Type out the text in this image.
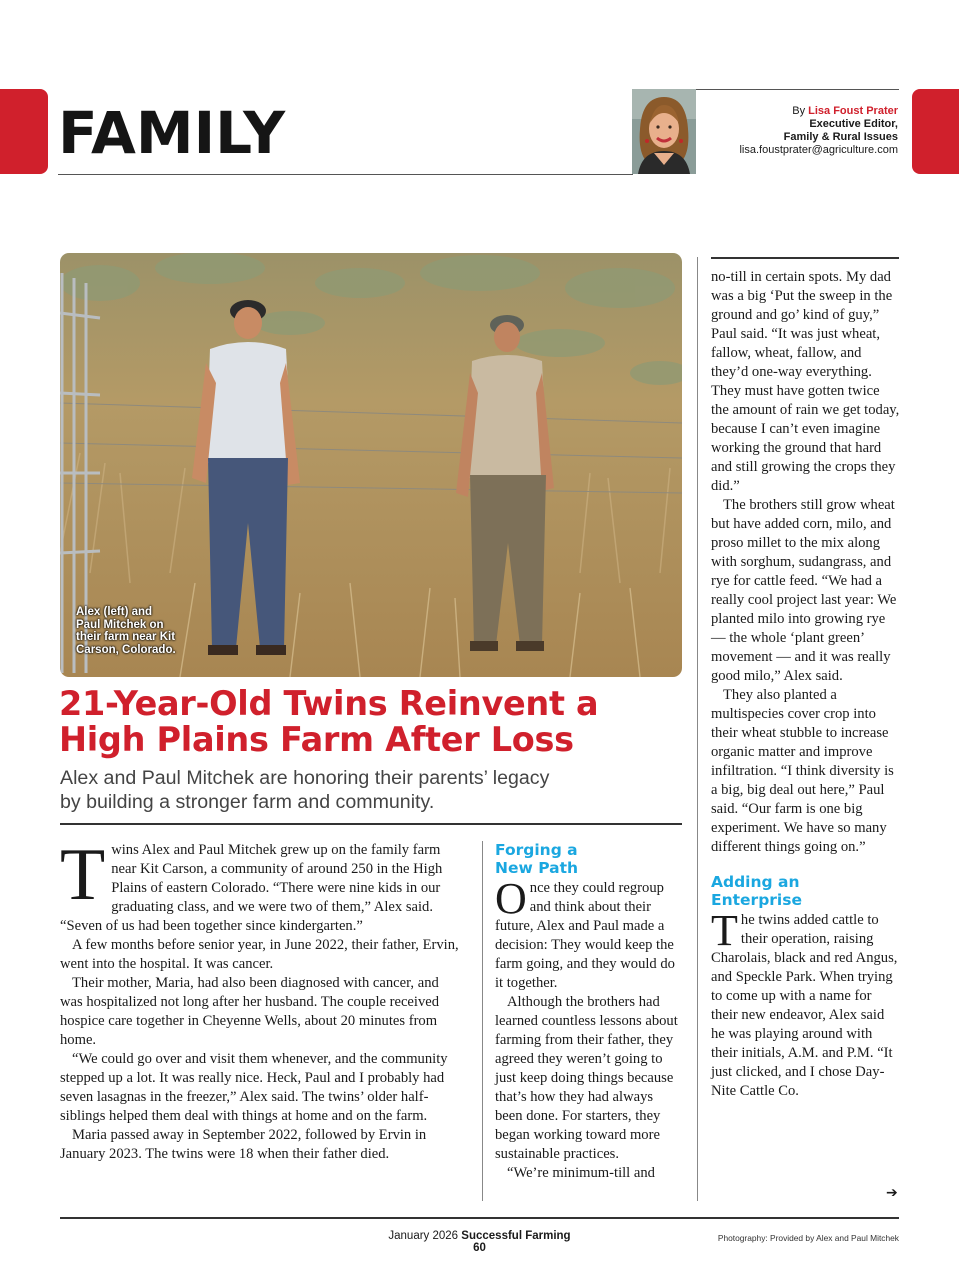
FAMILY	By Lisa Foust Prater
Executive Editor,
Family & Rural Issues
lisa.foustprater@agriculture.com
Alex (left) and
Paul Mitchek on
their farm near Kit
Carson, Colorado.
21-Year-Old Twins Reinvent a
High Plains Farm After Loss
Alex and Paul Mitchek are honoring their parents’ legacy
by building a stronger farm and community.
T wins Alex and Paul Mitchek grew up on the family farm near Kit Carson, a community of around 250 in the High Plains of eastern Colorado. “There were nine kids in our graduating class, and we were two of them,” Alex said. “Seven of us had been together since kindergarten.”

A few months before senior year, in June 2022, their father, Ervin, went into the hospital. It was cancer.

Their mother, Maria, had also been diagnosed with cancer, and was hospitalized not long after her husband. The couple received hospice care together in Cheyenne Wells, about 20 minutes from home.

“We could go over and visit them whenever, and the community stepped up a lot. It was really nice. Heck, Paul and I probably had seven lasagnas in the freezer,” Alex said. The twins’ older half-siblings helped them deal with things at home and on the farm.

Maria passed away in September 2022, followed by Ervin in January 2023. The twins were 18 when their father died.

Forging a
New Path
O nce they could regroup and think about their future, Alex and Paul made a decision: They would keep the farm going, and they would do it together.

Although the brothers had learned countless lessons about farming from their father, they agreed they weren’t going to just keep doing things because that’s how they had always been done. For starters, they began working toward more sustainable practices.

“We’re minimum-till and

no-till in certain spots. My dad was a big ‘Put the sweep in the ground and go’ kind of guy,” Paul said. “It was just wheat, fallow, wheat, fallow, and they’d one-way everything. They must have gotten twice the amount of rain we get today, because I can’t even imagine working the ground that hard and still growing the crops they did.”

The brothers still grow wheat but have added corn, milo, and proso millet to the mix along with sorghum, sudangrass, and rye for cattle feed. “We had a really cool project last year: We planted milo into growing rye — the whole ‘plant green’ movement — and it was really good milo,” Alex said.

They also planted a multispecies cover crop into their wheat stubble to increase organic matter and improve infiltration. “I think diversity is a big, big deal out here,” Paul said. “Our farm is one big experiment. We have so many different things going on.”

Adding an
Enterprise
T he twins added cattle to their operation, raising Charolais, black and red Angus, and Speckle Park. When trying to come up with a name for their new endeavor, Alex said he was playing around with their initials, A.M. and P.M. “It just clicked, and I chose Day-Nite Cattle Co.

➔
January 2026 Successful Farming
60
Photography: Provided by Alex and Paul Mitchek
